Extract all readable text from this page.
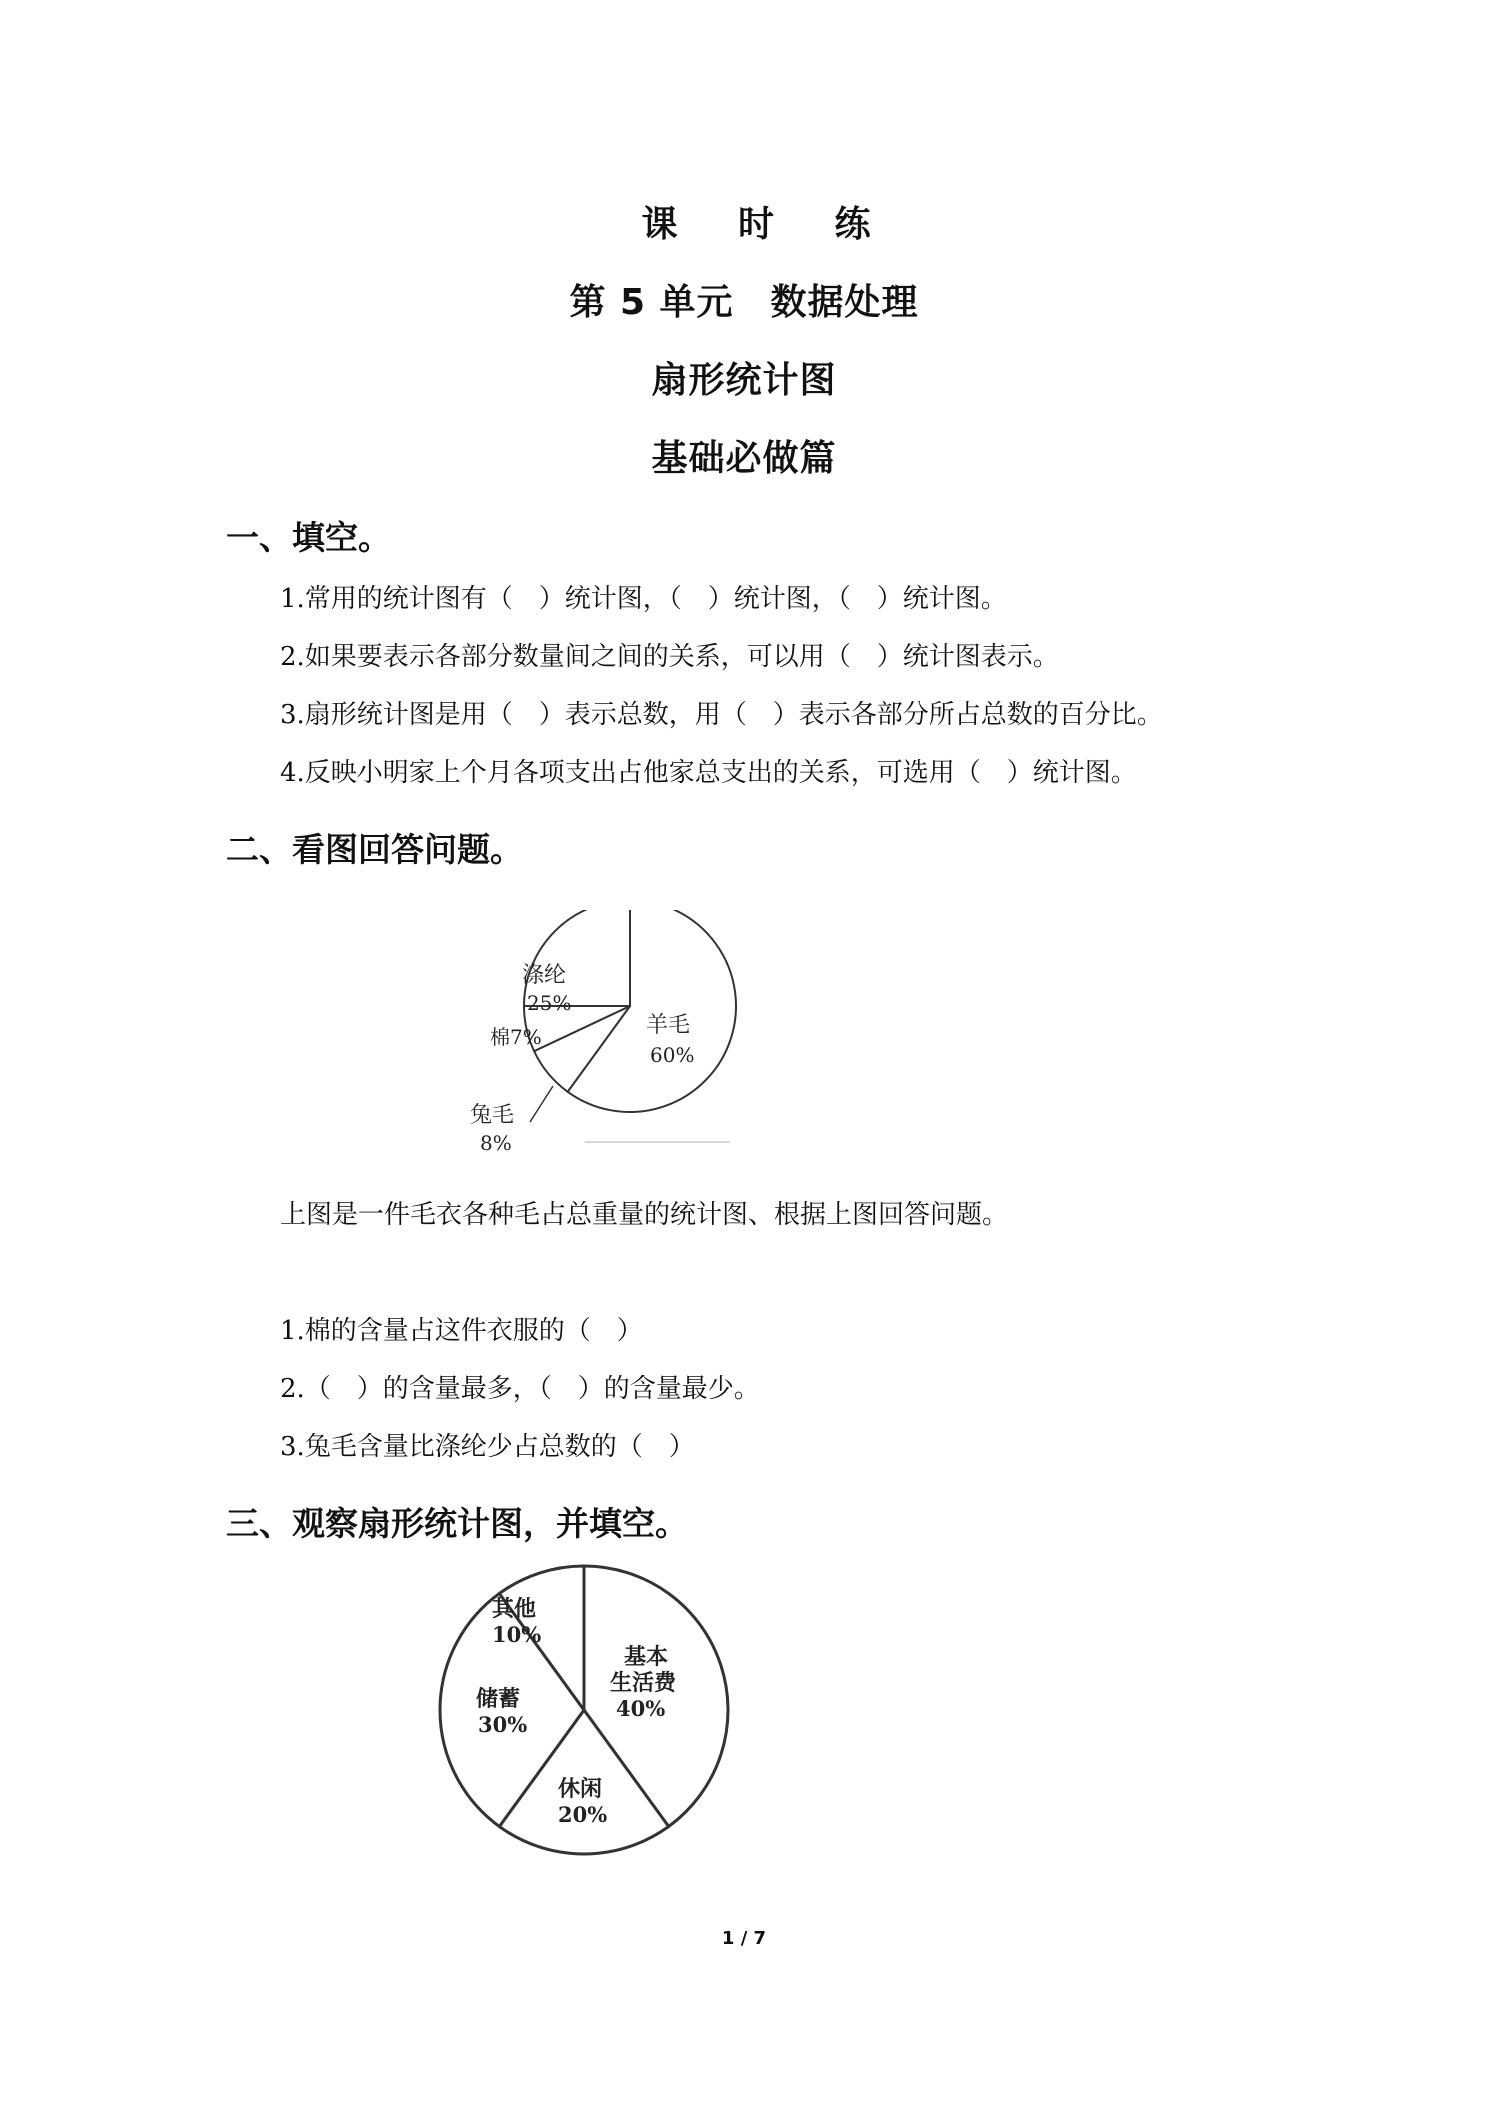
课 时 练
第 5 单元　数据处理
扇形统计图
基础必做篇
一、填空。
1.常用的统计图有（　）统计图，（　）统计图，（　）统计图。
2.如果要表示各部分数量间之间的关系，可以用（　）统计图表示。
3.扇形统计图是用（　）表示总数，用（　）表示各部分所占总数的百分比。
4.反映小明家上个月各项支出占他家总支出的关系，可选用（　）统计图。
二、看图回答问题。
涤纶
25%
棉7%	羊毛
60%
兔毛
8%
上图是一件毛衣各种毛占总重量的统计图、根据上图回答问题。
1.棉的含量占这件衣服的（　）
2.（　）的含量最多，（　）的含量最少。
3.兔毛含量比涤纶少占总数的（　）
三、观察扇形统计图，并填空。
其他
10%
基本
生活费
40%
储蓄
30%
休闲
20%
1 / 7
